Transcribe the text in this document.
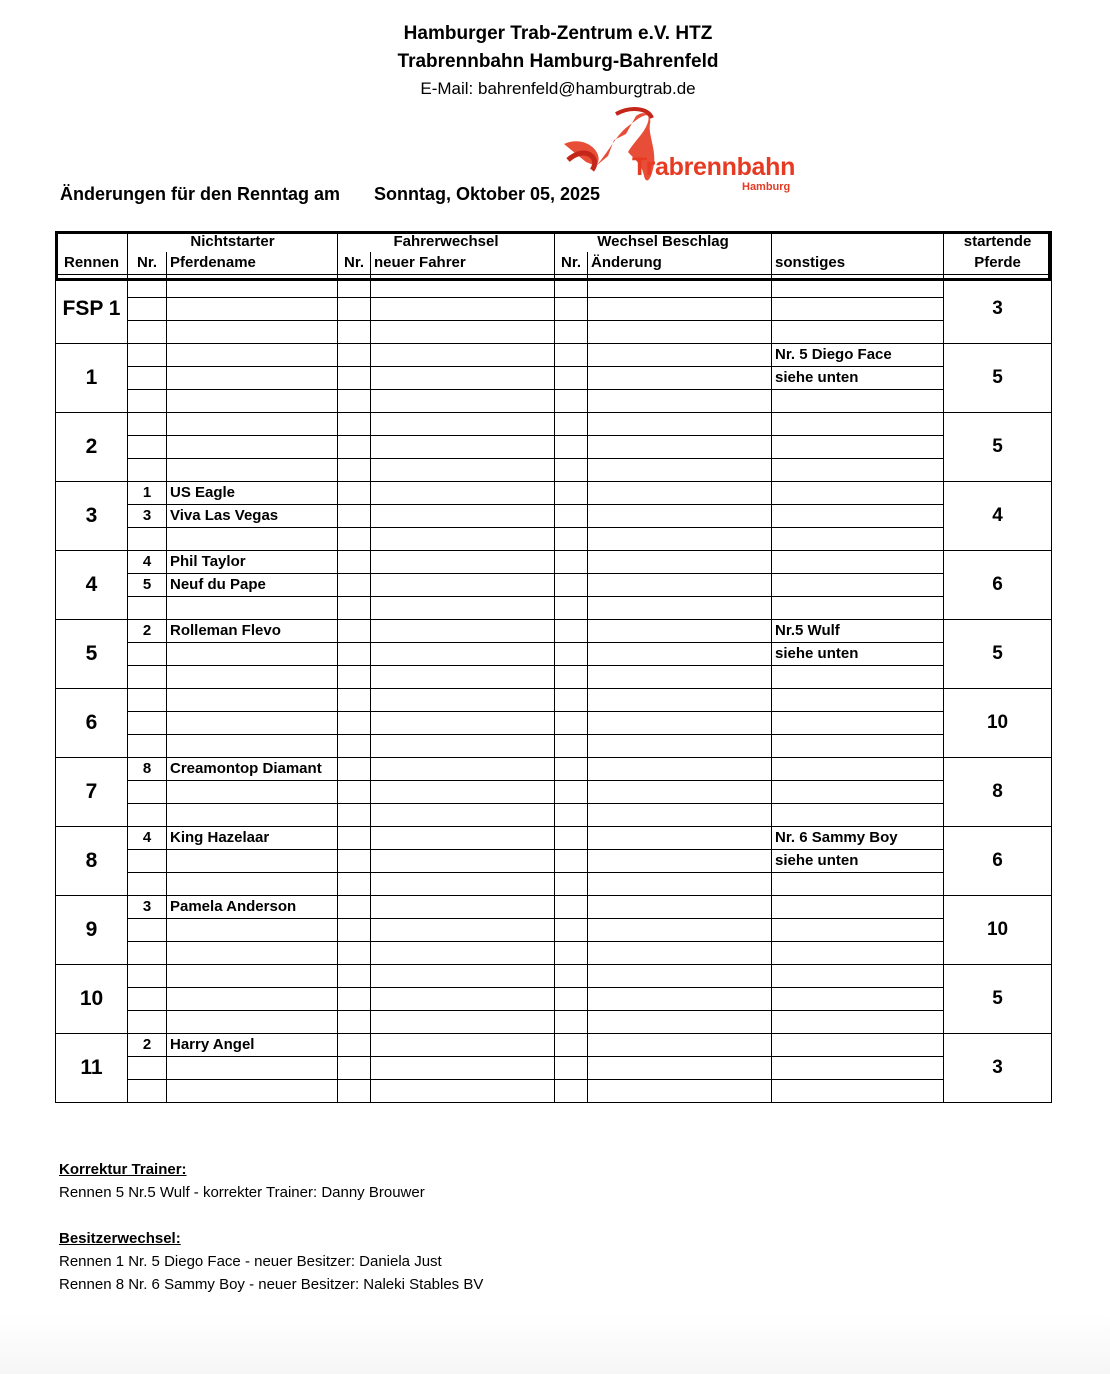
Hamburger Trab-Zentrum e.V. HTZ
Trabrennbahn Hamburg-Bahrenfeld
E-Mail: bahrenfeld@hamburgtrab.de
Trabrennbahn
Hamburg
Änderungen für den Renntag am Sonntag, Oktober 05, 2025
	Nichtstarter		Fahrerwechsel		Wechsel Beschlag			startende
Rennen	Nr.	Pferdename	Nr.	neuer Fahrer	Nr.	Änderung	sonstiges	Pferde
FSP 1								3

1							Nr. 5 Diego Face	5
							siehe unten	

2								5

3	1	US Eagle						4
	3	Viva Las Vegas						

4	4	Phil Taylor						6
	5	Neuf du Pape						

5	2	Rolleman Flevo					Nr.5 Wulf	5
							siehe unten	

6								10

7	8	Creamontop Diamant						8

8	4	King Hazelaar					Nr. 6 Sammy Boy	6
							siehe unten	

9	3	Pamela Anderson						10

10								5

11	2	Harry Angel						3

Korrektur Trainer:
Rennen 5 Nr.5 Wulf - korrekter Trainer: Danny Brouwer
Besitzerwechsel:
Rennen 1 Nr. 5 Diego Face - neuer Besitzer: Daniela Just
Rennen 8 Nr. 6 Sammy Boy - neuer Besitzer: Naleki Stables BV
